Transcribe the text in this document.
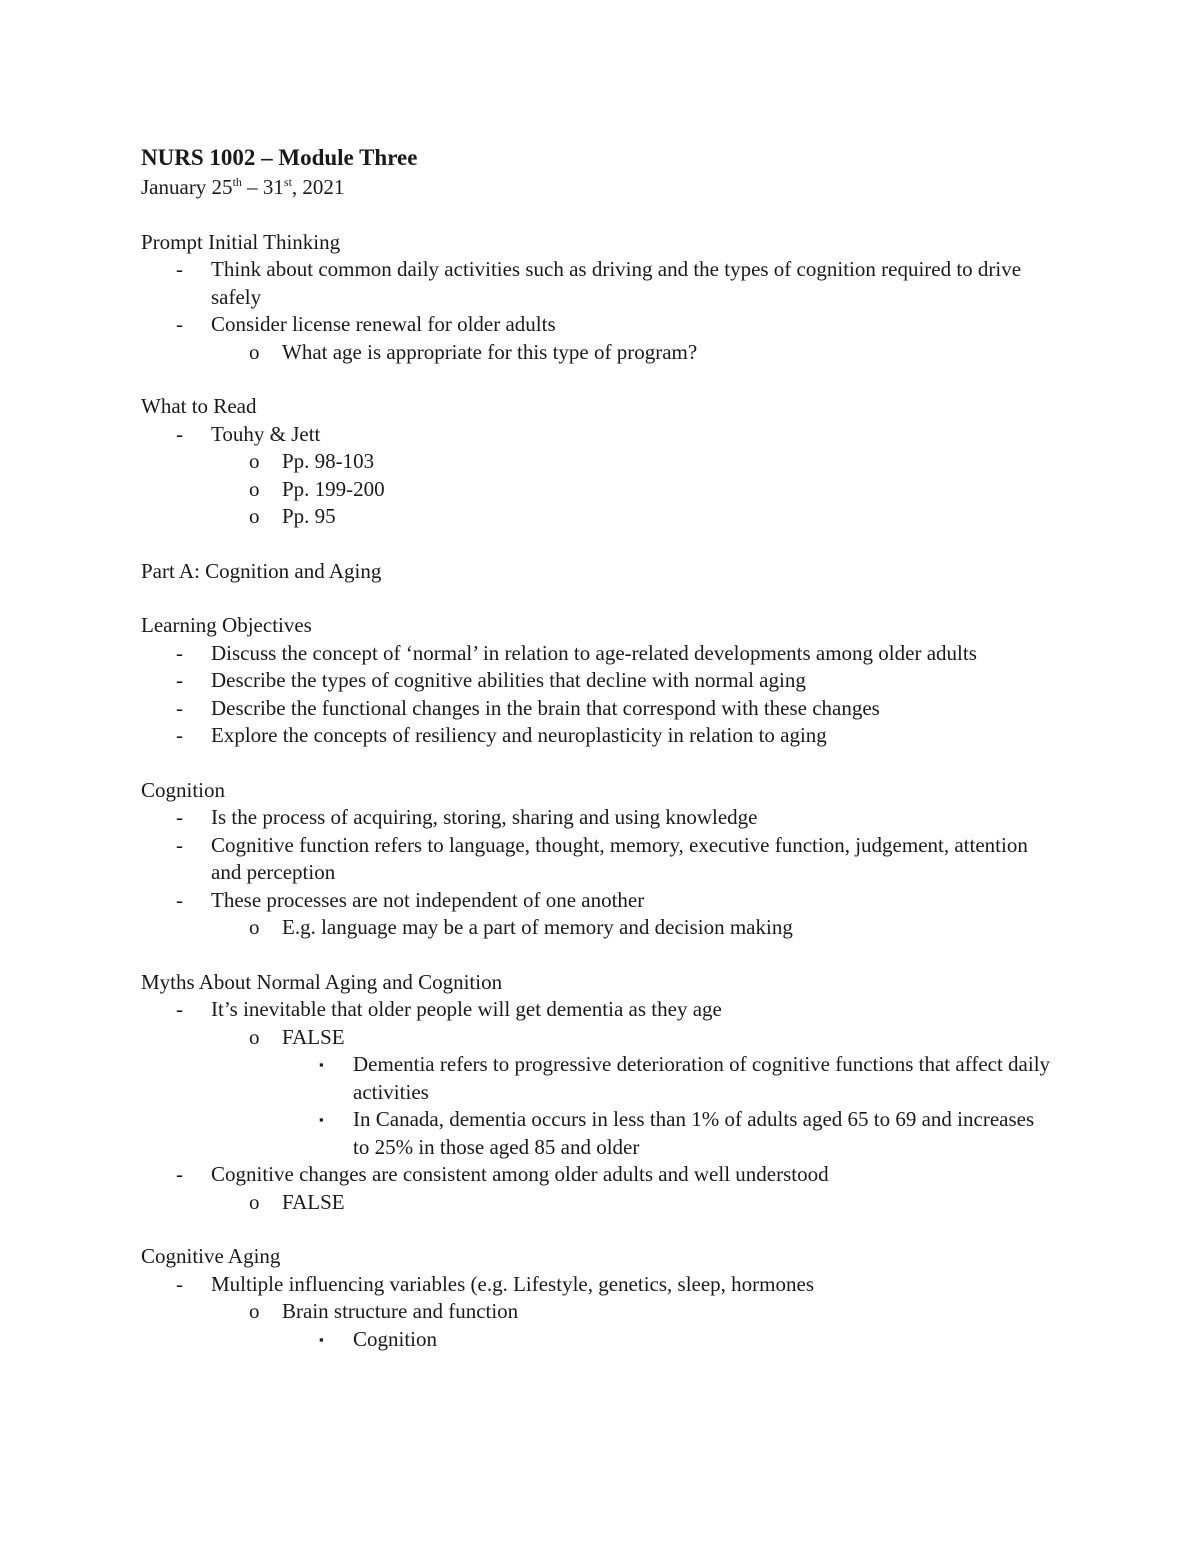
NURS 1002 – Module Three

January 25th – 31st, 2021

Prompt Initial Thinking

- Think about common daily activities such as driving and the types of cognition required to drive safely
- Consider license renewal for older adults
o What age is appropriate for this type of program?

What to Read

- Touhy & Jett
o Pp. 98-103
o Pp. 199-200
o Pp. 95

Part A: Cognition and Aging

Learning Objectives

- Discuss the concept of ‘normal’ in relation to age-related developments among older adults
- Describe the types of cognitive abilities that decline with normal aging
- Describe the functional changes in the brain that correspond with these changes
- Explore the concepts of resiliency and neuroplasticity in relation to aging

Cognition

- Is the process of acquiring, storing, sharing and using knowledge
- Cognitive function refers to language, thought, memory, executive function, judgement, attention and perception
- These processes are not independent of one another
o E.g. language may be a part of memory and decision making

Myths About Normal Aging and Cognition

- It’s inevitable that older people will get dementia as they age
o FALSE
▪ Dementia refers to progressive deterioration of cognitive functions that affect daily activities
▪ In Canada, dementia occurs in less than 1% of adults aged 65 to 69 and increases to 25% in those aged 85 and older
- Cognitive changes are consistent among older adults and well understood
o FALSE

Cognitive Aging

- Multiple influencing variables (e.g. Lifestyle, genetics, sleep, hormones
o Brain structure and function
▪ Cognition
